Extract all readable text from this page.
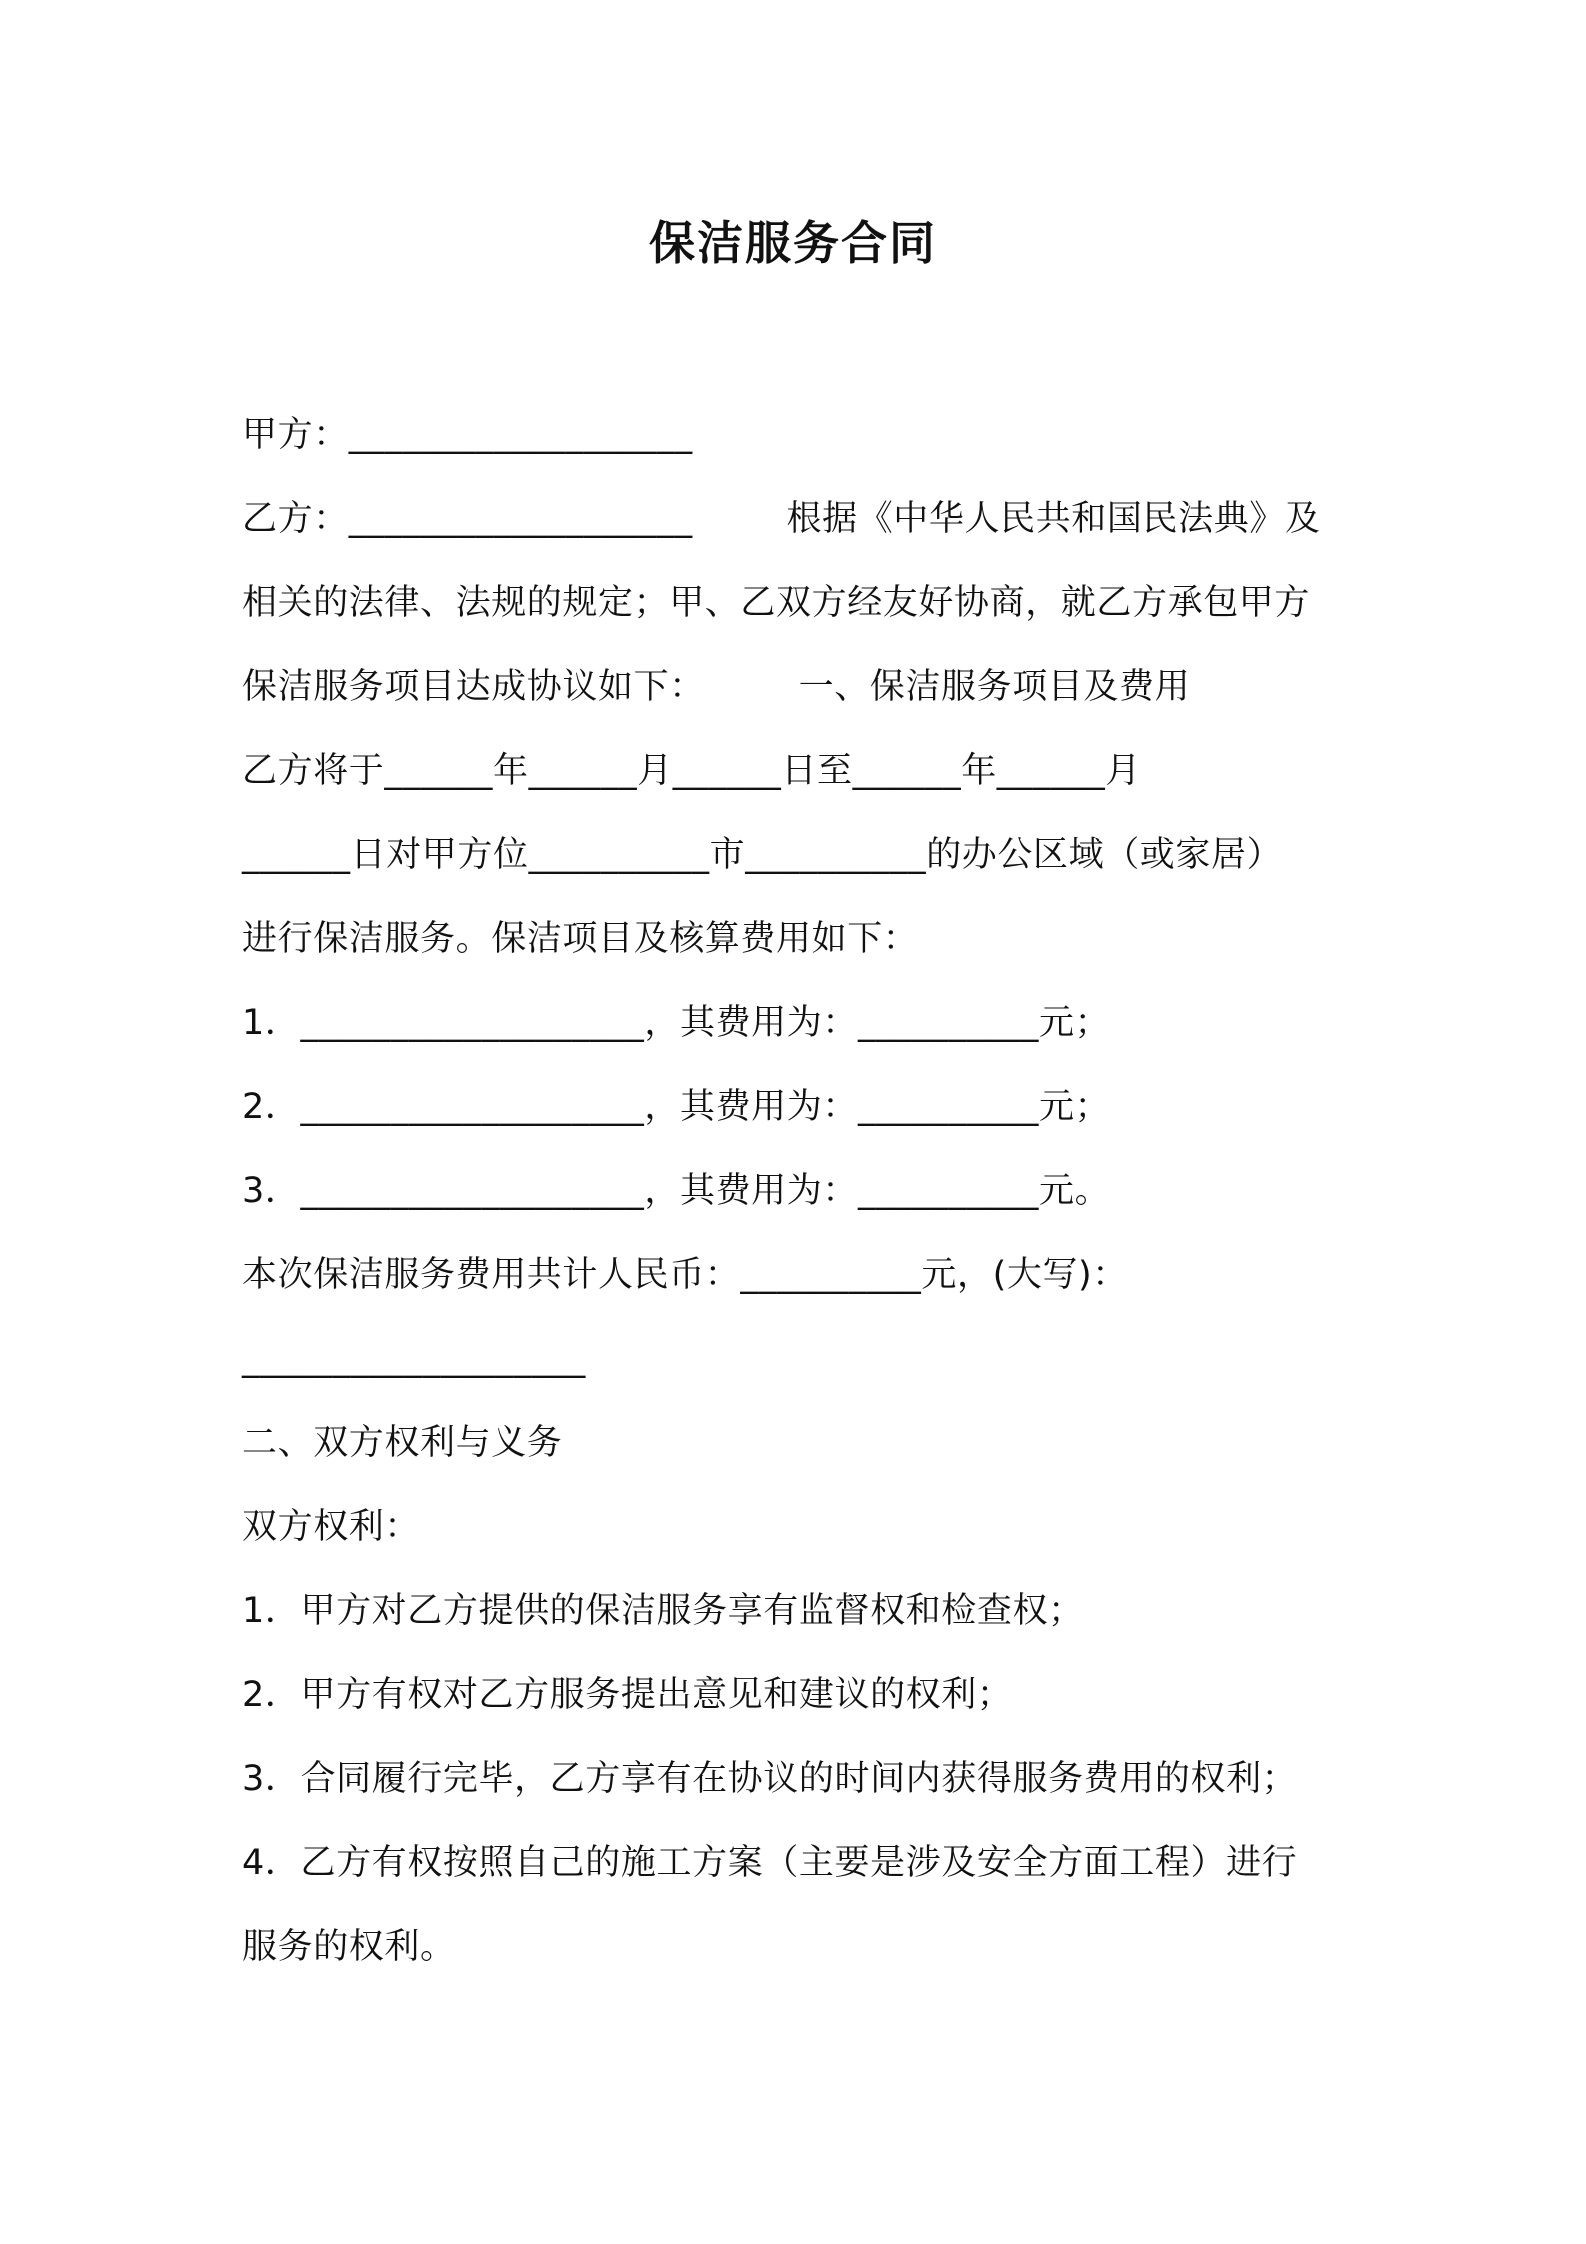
保洁服务合同
甲方：___________________
乙方：___________________        根据《中华人民共和国民法典》及
相关的法律、法规的规定；甲、乙双方经友好协商，就乙方承包甲方
保洁服务项目达成协议如下：        一、保洁服务项目及费用
乙方将于______年______月______日至______年______月
______日对甲方位__________市__________的办公区域（或家居）
进行保洁服务。保洁项目及核算费用如下：
1．___________________，其费用为：__________元；
2．___________________，其费用为：__________元；
3．___________________，其费用为：__________元。
本次保洁服务费用共计人民币：__________元，(大写)：
___________________
二、双方权利与义务
双方权利：
1．甲方对乙方提供的保洁服务享有监督权和检查权；
2．甲方有权对乙方服务提出意见和建议的权利；
3．合同履行完毕，乙方享有在协议的时间内获得服务费用的权利；
4．乙方有权按照自己的施工方案（主要是涉及安全方面工程）进行
服务的权利。
